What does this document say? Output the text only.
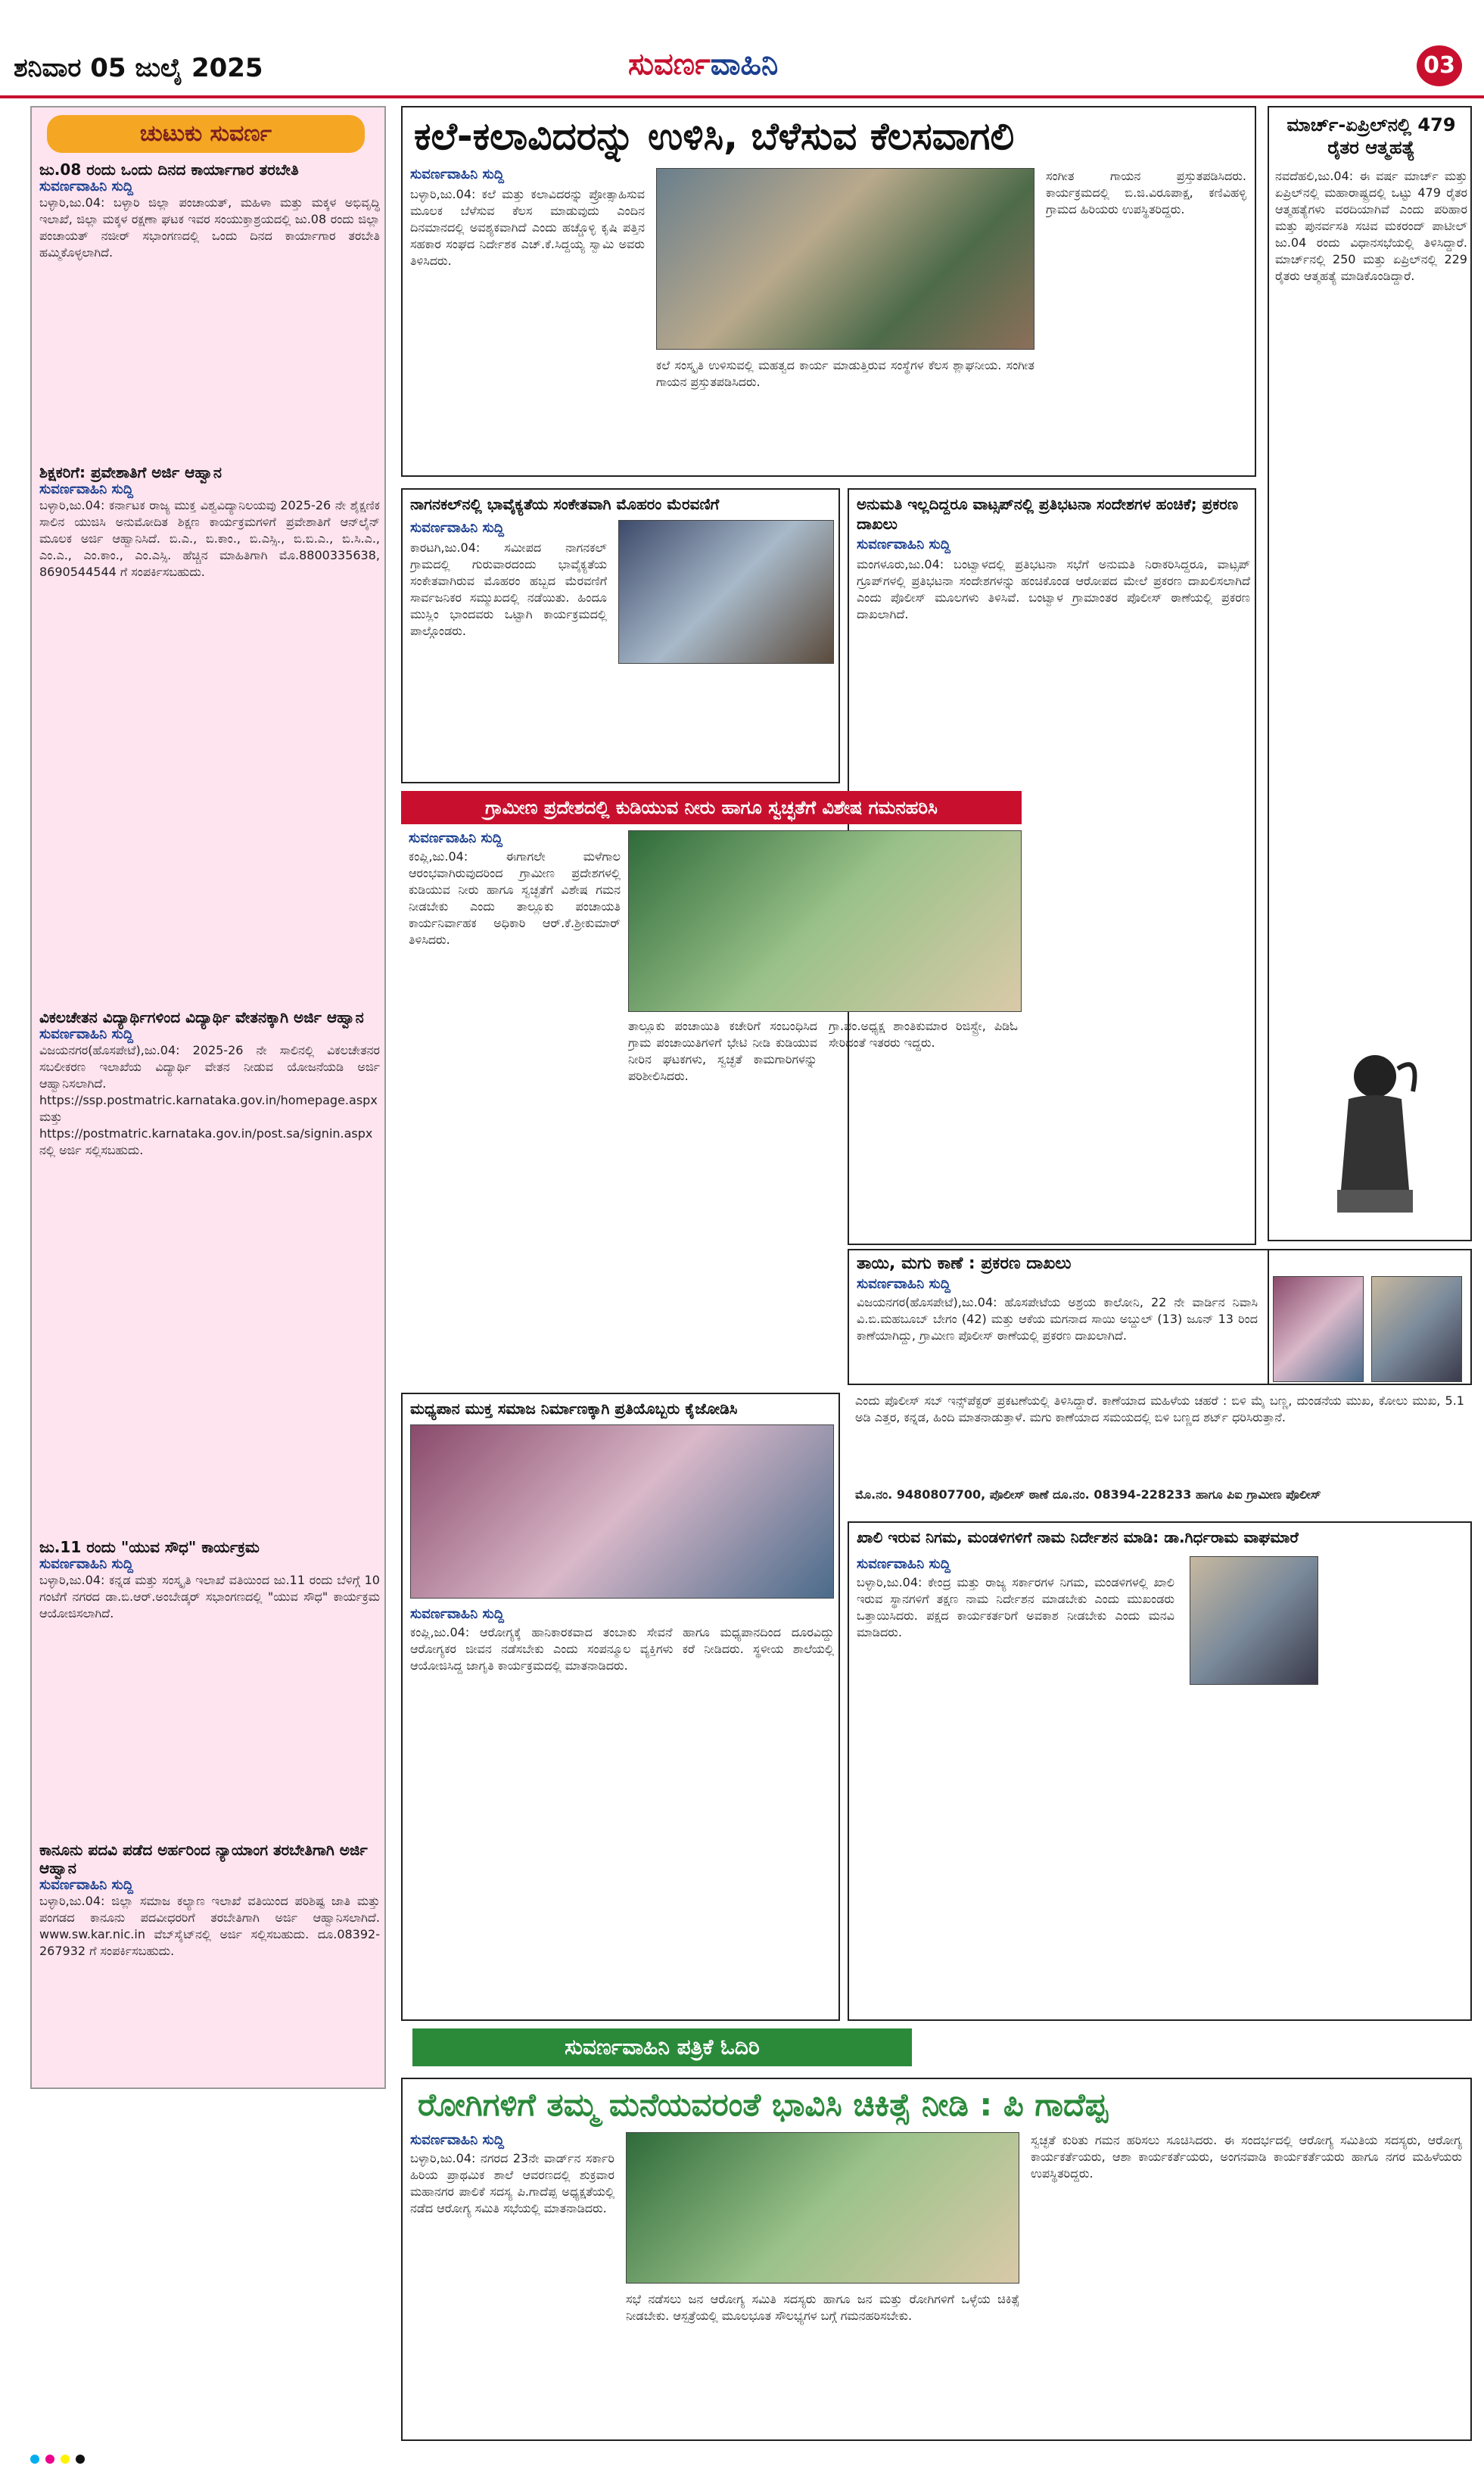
ಶನಿವಾರ 05 ಜುಲೈ 2025	ಸುವರ್ಣವಾಹಿನಿ	03
ಚುಟುಕು ಸುವರ್ಣ
ಜು.08 ರಂದು ಒಂದು ದಿನದ ಕಾರ್ಯಾಗಾರ ತರಬೇತಿ
ಸುವರ್ಣವಾಹಿನಿ ಸುದ್ದಿ
ಬಳ್ಳಾರಿ,ಜು.04: ಬಳ್ಳಾರಿ ಜಿಲ್ಲಾ ಪಂಚಾಯತ್, ಮಹಿಳಾ ಮತ್ತು ಮಕ್ಕಳ ಅಭಿವೃದ್ಧಿ ಇಲಾಖೆ, ಜಿಲ್ಲಾ ಮಕ್ಕಳ ರಕ್ಷಣಾ ಘಟಕ ಇವರ ಸಂಯುಕ್ತಾಶ್ರಯದಲ್ಲಿ ಜು.08 ರಂದು ಜಿಲ್ಲಾ ಪಂಚಾಯತ್ ನಜೀರ್ ಸಭಾಂಗಣದಲ್ಲಿ ಒಂದು ದಿನದ ಕಾರ್ಯಾಗಾರ ತರಬೇತಿ ಹಮ್ಮಿಕೊಳ್ಳಲಾಗಿದೆ.
ಶಿಕ್ಷಕರಿಗೆ: ಪ್ರವೇಶಾತಿಗೆ ಅರ್ಜಿ ಆಹ್ವಾನ
ಸುವರ್ಣವಾಹಿನಿ ಸುದ್ದಿ
ಬಳ್ಳಾರಿ,ಜು.04: ಕರ್ನಾಟಕ ರಾಜ್ಯ ಮುಕ್ತ ವಿಶ್ವವಿದ್ಯಾನಿಲಯವು 2025-26 ನೇ ಶೈಕ್ಷಣಿಕ ಸಾಲಿನ ಯುಜಿಸಿ ಅನುಮೋದಿತ ಶಿಕ್ಷಣ ಕಾರ್ಯಕ್ರಮಗಳಿಗೆ ಪ್ರವೇಶಾತಿಗೆ ಆನ್‌ಲೈನ್ ಮೂಲಕ ಅರ್ಜಿ ಆಹ್ವಾನಿಸಿದೆ. ಬಿ.ಎ., ಬಿ.ಕಾಂ., ಬಿ.ಎಸ್ಸಿ., ಬಿ.ಬಿ.ಎ., ಬಿ.ಸಿ.ಎ., ಎಂ.ಎ., ಎಂ.ಕಾಂ., ಎಂ.ಎಸ್ಸಿ. ಹೆಚ್ಚಿನ ಮಾಹಿತಿಗಾಗಿ ಮೊ.8800335638, 8690544544 ಗೆ ಸಂಪರ್ಕಿಸಬಹುದು.
ವಿಕಲಚೇತನ ವಿದ್ಯಾರ್ಥಿಗಳಿಂದ ವಿದ್ಯಾರ್ಥಿ ವೇತನಕ್ಕಾಗಿ ಅರ್ಜಿ ಆಹ್ವಾನ
ಸುವರ್ಣವಾಹಿನಿ ಸುದ್ದಿ
ವಿಜಯನಗರ(ಹೊಸಪೇಟೆ),ಜು.04: 2025-26 ನೇ ಸಾಲಿನಲ್ಲಿ ವಿಕಲಚೇತನರ ಸಬಲೀಕರಣ ಇಲಾಖೆಯ ವಿದ್ಯಾರ್ಥಿ ವೇತನ ನೀಡುವ ಯೋಜನೆಯಡಿ ಅರ್ಜಿ ಆಹ್ವಾನಿಸಲಾಗಿದೆ. https://ssp.postmatric.karnataka.gov.in/homepage.aspx ಮತ್ತು https://postmatric.karnataka.gov.in/post.sa/signin.aspx ನಲ್ಲಿ ಅರ್ಜಿ ಸಲ್ಲಿಸಬಹುದು.
ಜು.11 ರಂದು "ಯುವ ಸೌಧ" ಕಾರ್ಯಕ್ರಮ
ಸುವರ್ಣವಾಹಿನಿ ಸುದ್ದಿ
ಬಳ್ಳಾರಿ,ಜು.04: ಕನ್ನಡ ಮತ್ತು ಸಂಸ್ಕೃತಿ ಇಲಾಖೆ ವತಿಯಿಂದ ಜು.11 ರಂದು ಬೆಳಿಗ್ಗೆ 10 ಗಂಟೆಗೆ ನಗರದ ಡಾ.ಬಿ.ಆರ್.ಅಂಬೇಡ್ಕರ್ ಸಭಾಂಗಣದಲ್ಲಿ "ಯುವ ಸೌಧ" ಕಾರ್ಯಕ್ರಮ ಆಯೋಜಿಸಲಾಗಿದೆ.
ಕಾನೂನು ಪದವಿ ಪಡೆದ ಅರ್ಹರಿಂದ ನ್ಯಾಯಾಂಗ ತರಬೇತಿಗಾಗಿ ಅರ್ಜಿ ಆಹ್ವಾನ
ಸುವರ್ಣವಾಹಿನಿ ಸುದ್ದಿ
ಬಳ್ಳಾರಿ,ಜು.04: ಜಿಲ್ಲಾ ಸಮಾಜ ಕಲ್ಯಾಣ ಇಲಾಖೆ ವತಿಯಿಂದ ಪರಿಶಿಷ್ಟ ಜಾತಿ ಮತ್ತು ಪಂಗಡದ ಕಾನೂನು ಪದವೀಧರರಿಗೆ ತರಬೇತಿಗಾಗಿ ಅರ್ಜಿ ಆಹ್ವಾನಿಸಲಾಗಿದೆ. www.sw.kar.nic.in ವೆಬ್‌ಸೈಟ್‌ನಲ್ಲಿ ಅರ್ಜಿ ಸಲ್ಲಿಸಬಹುದು. ದೂ.08392-267932 ಗೆ ಸಂಪರ್ಕಿಸಬಹುದು.
ಕಲೆ-ಕಲಾವಿದರನ್ನು ಉಳಿಸಿ, ಬೆಳೆಸುವ ಕೆಲಸವಾಗಲಿ
ಸುವರ್ಣವಾಹಿನಿ ಸುದ್ದಿ
ಬಳ್ಳಾರಿ,ಜು.04: ಕಲೆ ಮತ್ತು ಕಲಾವಿದರನ್ನು ಪ್ರೋತ್ಸಾಹಿಸುವ ಮೂಲಕ ಬೆಳೆಸುವ ಕೆಲಸ ಮಾಡುವುದು ಎಂದಿನ ದಿನಮಾನದಲ್ಲಿ ಅವಶ್ಯಕವಾಗಿದೆ ಎಂದು ಹಚ್ಚೊಳ್ಳಿ ಕೃಷಿ ಪತ್ತಿನ ಸಹಕಾರ ಸಂಘದ ನಿರ್ದೇಶಕ ಎಚ್.ಕೆ.ಸಿದ್ದಯ್ಯ ಸ್ವಾಮಿ ಅವರು ತಿಳಿಸಿದರು.
ಕಲೆ ಸಂಸ್ಕೃತಿ ಉಳಿಸುವಲ್ಲಿ ಮಹತ್ವದ ಕಾರ್ಯ ಮಾಡುತ್ತಿರುವ ಸಂಸ್ಥೆಗಳ ಕೆಲಸ ಶ್ಲಾಘನೀಯ. ಸಂಗೀತ ಗಾಯನ ಪ್ರಸ್ತುತಪಡಿಸಿದರು.
ಸಂಗೀತ ಗಾಯನ ಪ್ರಸ್ತುತಪಡಿಸಿದರು. ಕಾರ್ಯಕ್ರಮದಲ್ಲಿ ಬಿ.ಜಿ.ವಿರೂಪಾಕ್ಷ, ಕಣಿವಿಹಳ್ಳಿ ಗ್ರಾಮದ ಹಿರಿಯರು ಉಪಸ್ಥಿತರಿದ್ದರು.
ಮಾರ್ಚ್-ಏಪ್ರಿಲ್‌ನಲ್ಲಿ 479 ರೈತರ ಆತ್ಮಹತ್ಯೆ
ನವದೆಹಲಿ,ಜು.04: ಈ ವರ್ಷ ಮಾರ್ಚ್ ಮತ್ತು ಏಪ್ರಿಲ್‌ನಲ್ಲಿ ಮಹಾರಾಷ್ಟ್ರದಲ್ಲಿ ಒಟ್ಟು 479 ರೈತರ ಆತ್ಮಹತ್ಯೆಗಳು ವರದಿಯಾಗಿವೆ ಎಂದು ಪರಿಹಾರ ಮತ್ತು ಪುನರ್ವಸತಿ ಸಚಿವ ಮಕರಂದ್ ಪಾಟೀಲ್ ಜು.04 ರಂದು ವಿಧಾನಸಭೆಯಲ್ಲಿ ತಿಳಿಸಿದ್ದಾರೆ. ಮಾರ್ಚ್‌ನಲ್ಲಿ 250 ಮತ್ತು ಏಪ್ರಿಲ್‌ನಲ್ಲಿ 229 ರೈತರು ಆತ್ಮಹತ್ಯೆ ಮಾಡಿಕೊಂಡಿದ್ದಾರೆ.
ನಾಗನಕಲ್‌ನಲ್ಲಿ ಭಾವೈಕ್ಯತೆಯ ಸಂಕೇತವಾಗಿ ಮೊಹರಂ ಮೆರವಣಿಗೆ
ಸುವರ್ಣವಾಹಿನಿ ಸುದ್ದಿ
ಕಾರಟಗಿ,ಜು.04: ಸಮೀಪದ ನಾಗನಕಲ್ ಗ್ರಾಮದಲ್ಲಿ ಗುರುವಾರದಂದು ಭಾವೈಕ್ಯತೆಯ ಸಂಕೇತವಾಗಿರುವ ಮೊಹರಂ ಹಬ್ಬದ ಮೆರವಣಿಗೆ ಸಾರ್ವಜನಿಕರ ಸಮ್ಮುಖದಲ್ಲಿ ನಡೆಯಿತು. ಹಿಂದೂ ಮುಸ್ಲಿಂ ಭಾಂದವರು ಒಟ್ಟಾಗಿ ಕಾರ್ಯಕ್ರಮದಲ್ಲಿ ಪಾಲ್ಗೊಂಡರು.
ಅನುಮತಿ ಇಲ್ಲದಿದ್ದರೂ ವಾಟ್ಸಪ್‌ನಲ್ಲಿ ಪ್ರತಿಭಟನಾ ಸಂದೇಶಗಳ ಹಂಚಿಕೆ; ಪ್ರಕರಣ ದಾಖಲು
ಸುವರ್ಣವಾಹಿನಿ ಸುದ್ದಿ
ಮಂಗಳೂರು,ಜು.04: ಬಂಟ್ವಾಳದಲ್ಲಿ ಪ್ರತಿಭಟನಾ ಸಭೆಗೆ ಅನುಮತಿ ನಿರಾಕರಿಸಿದ್ದರೂ, ವಾಟ್ಸಪ್ ಗ್ರೂಪ್‌ಗಳಲ್ಲಿ ಪ್ರತಿಭಟನಾ ಸಂದೇಶಗಳನ್ನು ಹಂಚಿಕೊಂಡ ಆರೋಪದ ಮೇಲೆ ಪ್ರಕರಣ ದಾಖಲಿಸಲಾಗಿದೆ ಎಂದು ಪೊಲೀಸ್ ಮೂಲಗಳು ತಿಳಿಸಿವೆ. ಬಂಟ್ವಾಳ ಗ್ರಾಮಾಂತರ ಪೊಲೀಸ್ ಠಾಣೆಯಲ್ಲಿ ಪ್ರಕರಣ ದಾಖಲಾಗಿದೆ.
ಗ್ರಾಮೀಣ ಪ್ರದೇಶದಲ್ಲಿ ಕುಡಿಯುವ ನೀರು ಹಾಗೂ ಸ್ವಚ್ಛತೆಗೆ ವಿಶೇಷ ಗಮನಹರಿಸಿ
ಸುವರ್ಣವಾಹಿನಿ ಸುದ್ದಿ
ಕಂಪ್ಲಿ,ಜು.04: ಈಗಾಗಲೇ ಮಳೆಗಾಲ ಆರಂಭವಾಗಿರುವುದರಿಂದ ಗ್ರಾಮೀಣ ಪ್ರದೇಶಗಳಲ್ಲಿ ಕುಡಿಯುವ ನೀರು ಹಾಗೂ ಸ್ವಚ್ಛತೆಗೆ ವಿಶೇಷ ಗಮನ ನೀಡಬೇಕು ಎಂದು ತಾಲ್ಲೂಕು ಪಂಚಾಯತಿ ಕಾರ್ಯನಿರ್ವಾಹಕ ಅಧಿಕಾರಿ ಆರ್.ಕೆ.ಶ್ರೀಕುಮಾರ್ ತಿಳಿಸಿದರು.
ತಾಲ್ಲೂಕು ಪಂಚಾಯಿತಿ ಕಚೇರಿಗೆ ಸಂಬಂಧಿಸಿದ ಗ್ರಾಮ ಪಂಚಾಯಿತಿಗಳಿಗೆ ಭೇಟಿ ನೀಡಿ ಕುಡಿಯುವ ನೀರಿನ ಘಟಕಗಳು, ಸ್ವಚ್ಛತೆ ಕಾಮಗಾರಿಗಳನ್ನು ಪರಿಶೀಲಿಸಿದರು.
ಗ್ರಾ.ಪಂ.ಅಧ್ಯಕ್ಷ ಶಾಂತಿಕುಮಾರ ರಿಜಿಸ್ಟ್ರೇ, ಪಿಡಿಓ ಸೇರಿದಂತೆ ಇತರರು ಇದ್ದರು.
ತಾಯಿ, ಮಗು ಕಾಣೆ : ಪ್ರಕರಣ ದಾಖಲು
ಸುವರ್ಣವಾಹಿನಿ ಸುದ್ದಿ
ವಿಜಯನಗರ(ಹೊಸಪೇಟೆ),ಜು.04: ಹೊಸಪೇಟೆಯ ಅಶ್ರಯ ಕಾಲೋನಿ, 22 ನೇ ವಾರ್ಡಿನ ನಿವಾಸಿ ವಿ.ಬಿ.ಮಹಬೂಬ್ ಬೇಗಂ (42) ಮತ್ತು ಆಕೆಯ ಮಗನಾದ ಸಾಯಿ ಅಬ್ದುಲ್ (13) ಜೂನ್ 13 ರಿಂದ ಕಾಣೆಯಾಗಿದ್ದು, ಗ್ರಾಮೀಣ ಪೊಲೀಸ್ ಠಾಣೆಯಲ್ಲಿ ಪ್ರಕರಣ ದಾಖಲಾಗಿದೆ.
ಎಂದು ಪೊಲೀಸ್ ಸಬ್ ಇನ್ಸ್‌ಪೆಕ್ಟರ್ ಪ್ರಕಟಣೆಯಲ್ಲಿ ತಿಳಿಸಿದ್ದಾರೆ. ಕಾಣೆಯಾದ ಮಹಿಳೆಯ ಚಹರೆ : ಬಿಳಿ ಮೈ ಬಣ್ಣ, ದುಂಡನೆಯ ಮುಖ, ಕೋಲು ಮುಖ, 5.1 ಅಡಿ ಎತ್ತರ, ಕನ್ನಡ, ಹಿಂದಿ ಮಾತನಾಡುತ್ತಾಳೆ. ಮಗು ಕಾಣೆಯಾದ ಸಮಯದಲ್ಲಿ ಬಿಳಿ ಬಣ್ಣದ ಶರ್ಟ್ ಧರಿಸಿರುತ್ತಾನೆ.
ಮೊ.ನಂ. 9480807700, ಪೊಲೀಸ್ ಠಾಣೆ ದೂ.ನಂ. 08394-228233 ಹಾಗೂ ಪಿಐ ಗ್ರಾಮೀಣ ಪೊಲೀಸ್
ಮಧ್ಯಪಾನ ಮುಕ್ತ ಸಮಾಜ ನಿರ್ಮಾಣಕ್ಕಾಗಿ ಪ್ರತಿಯೊಬ್ಬರು ಕೈಜೋಡಿಸಿ
ಸುವರ್ಣವಾಹಿನಿ ಸುದ್ದಿ
ಕಂಪ್ಲಿ,ಜು.04: ಆರೋಗ್ಯಕ್ಕೆ ಹಾನಿಕಾರಕವಾದ ತಂಬಾಕು ಸೇವನೆ ಹಾಗೂ ಮಧ್ಯಪಾನದಿಂದ ದೂರವಿದ್ದು ಆರೋಗ್ಯಕರ ಜೀವನ ನಡೆಸಬೇಕು ಎಂದು ಸಂಪನ್ಮೂಲ ವ್ಯಕ್ತಿಗಳು ಕರೆ ನೀಡಿದರು. ಸ್ಥಳೀಯ ಶಾಲೆಯಲ್ಲಿ ಆಯೋಜಿಸಿದ್ದ ಜಾಗೃತಿ ಕಾರ್ಯಕ್ರಮದಲ್ಲಿ ಮಾತನಾಡಿದರು.
ಖಾಲಿ ಇರುವ ನಿಗಮ, ಮಂಡಳಿಗಳಿಗೆ ನಾಮ ನಿರ್ದೇಶನ ಮಾಡಿ: ಡಾ.ಗಿರ್ಧರಾಮ ವಾಘಮಾರೆ
ಸುವರ್ಣವಾಹಿನಿ ಸುದ್ದಿ
ಬಳ್ಳಾರಿ,ಜು.04: ಕೇಂದ್ರ ಮತ್ತು ರಾಜ್ಯ ಸರ್ಕಾರಗಳ ನಿಗಮ, ಮಂಡಳಿಗಳಲ್ಲಿ ಖಾಲಿ ಇರುವ ಸ್ಥಾನಗಳಿಗೆ ತಕ್ಷಣ ನಾಮ ನಿರ್ದೇಶನ ಮಾಡಬೇಕು ಎಂದು ಮುಖಂಡರು ಒತ್ತಾಯಿಸಿದರು. ಪಕ್ಷದ ಕಾರ್ಯಕರ್ತರಿಗೆ ಅವಕಾಶ ನೀಡಬೇಕು ಎಂದು ಮನವಿ ಮಾಡಿದರು.
ಸುವರ್ಣವಾಹಿನಿ ಪತ್ರಿಕೆ ಓದಿರಿ
ರೋಗಿಗಳಿಗೆ ತಮ್ಮ ಮನೆಯವರಂತೆ ಭಾವಿಸಿ ಚಿಕಿತ್ಸೆ ನೀಡಿ : ಪಿ ಗಾದೆಪ್ಪ
ಸುವರ್ಣವಾಹಿನಿ ಸುದ್ದಿ
ಬಳ್ಳಾರಿ,ಜು.04: ನಗರದ 23ನೇ ವಾರ್ಡ್‌ನ ಸರ್ಕಾರಿ ಹಿರಿಯ ಪ್ರಾಥಮಿಕ ಶಾಲೆ ಆವರಣದಲ್ಲಿ ಶುಕ್ರವಾರ ಮಹಾನಗರ ಪಾಲಿಕೆ ಸದಸ್ಯ ಪಿ.ಗಾದೆಪ್ಪ ಅಧ್ಯಕ್ಷತೆಯಲ್ಲಿ ನಡೆದ ಆರೋಗ್ಯ ಸಮಿತಿ ಸಭೆಯಲ್ಲಿ ಮಾತನಾಡಿದರು.
ಸಭೆ ನಡೆಸಲು ಜನ ಆರೋಗ್ಯ ಸಮಿತಿ ಸದಸ್ಯರು ಹಾಗೂ ಜನ ಮತ್ತು ರೋಗಿಗಳಿಗೆ ಒಳ್ಳೆಯ ಚಿಕಿತ್ಸೆ ನೀಡಬೇಕು. ಆಸ್ಪತ್ರೆಯಲ್ಲಿ ಮೂಲಭೂತ ಸೌಲಭ್ಯಗಳ ಬಗ್ಗೆ ಗಮನಹರಿಸಬೇಕು.
ಸ್ವಚ್ಛತೆ ಕುರಿತು ಗಮನ ಹರಿಸಲು ಸೂಚಿಸಿದರು. ಈ ಸಂದರ್ಭದಲ್ಲಿ ಆರೋಗ್ಯ ಸಮಿತಿಯ ಸದಸ್ಯರು, ಆರೋಗ್ಯ ಕಾರ್ಯಕರ್ತೆಯರು, ಆಶಾ ಕಾರ್ಯಕರ್ತೆಯರು, ಅಂಗನವಾಡಿ ಕಾರ್ಯಕರ್ತೆಯರು ಹಾಗೂ ನಗರ ಮಹಿಳೆಯರು ಉಪಸ್ಥಿತರಿದ್ದರು.
